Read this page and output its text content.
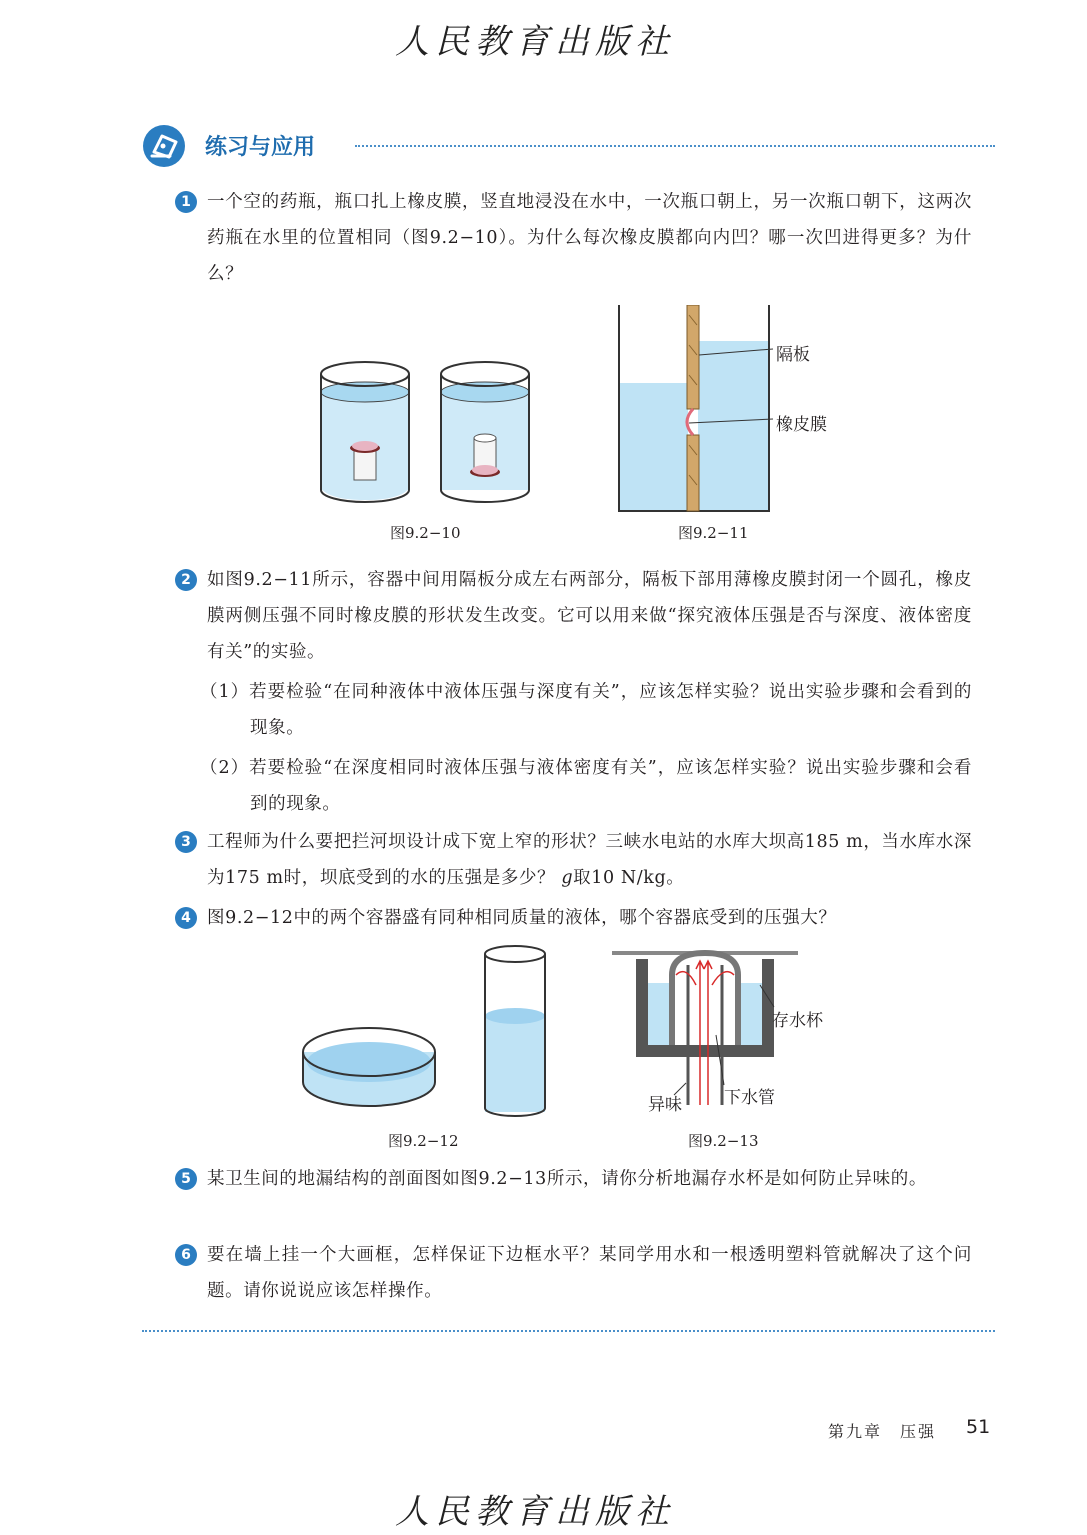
人民教育出版社
练习与应用
1 一个空的药瓶，瓶口扎上橡皮膜，竖直地浸没在水中，一次瓶口朝上，另一次瓶口朝下，这两次药瓶在水里的位置相同（图9.2−10）。为什么每次橡皮膜都向内凹？哪一次凹进得更多？为什么？
图9.2−10
隔板
橡皮膜
图9.2−11
2 如图9.2−11所示，容器中间用隔板分成左右两部分，隔板下部用薄橡皮膜封闭一个圆孔，橡皮膜两侧压强不同时橡皮膜的形状发生改变。它可以用来做“探究液体压强是否与深度、液体密度有关”的实验。
（1）若要检验“在同种液体中液体压强与深度有关”，应该怎样实验？说出实验步骤和会看到的现象。
（2）若要检验“在深度相同时液体压强与液体密度有关”，应该怎样实验？说出实验步骤和会看到的现象。
3 工程师为什么要把拦河坝设计成下宽上窄的形状？三峡水电站的水库大坝高185 m，当水库水深为175 m时，坝底受到的水的压强是多少？ g取10 N/kg。
4 图9.2−12中的两个容器盛有同种相同质量的液体，哪个容器底受到的压强大？
图9.2−12
存水杯
异味 下水管
图9.2−13
5 某卫生间的地漏结构的剖面图如图9.2−13所示，请你分析地漏存水杯是如何防止异味的。
6 要在墙上挂一个大画框，怎样保证下边框水平？某同学用水和一根透明塑料管就解决了这个问题。请你说说应该怎样操作。
第九章　压强 51
人民教育出版社
